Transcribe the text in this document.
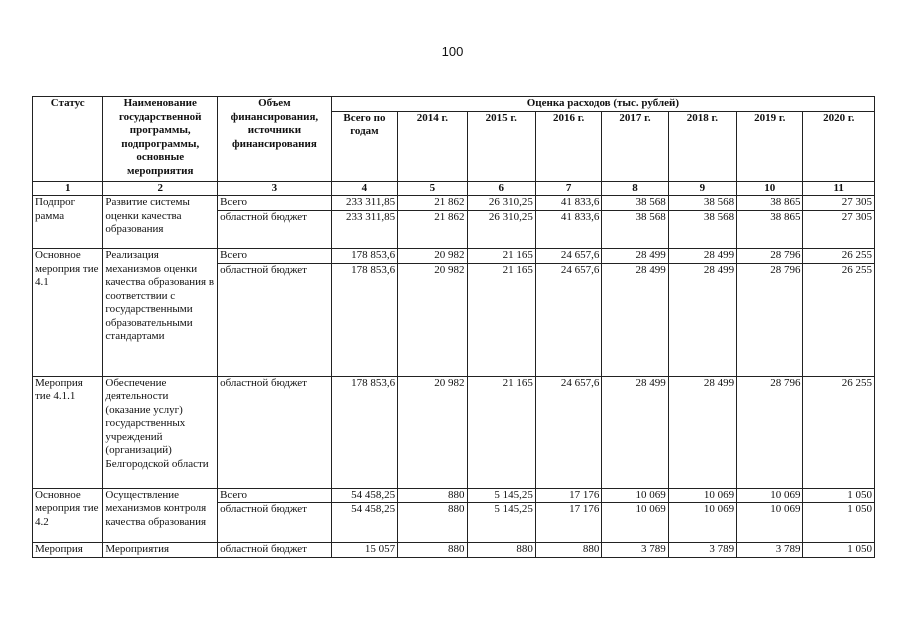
100
Статус	Наименование государственной программы, подпрограммы, основные мероприятия	Объем финансирования, источники финансирования	Оценка расходов (тыс. рублей)							
			Всего по годам	2014 г.	2015 г.	2016 г.	2017 г.	2018 г.	2019 г.	2020 г.
1	2	3	4	5	6	7	8	9	10	11
Подпрог рамма	Развитие системы оценки качества образования	Всего	233 311,85	21 862	26 310,25	41 833,6	38 568	38 568	38 865	27 305
		областной бюджет	233 311,85	21 862	26 310,25	41 833,6	38 568	38 568	38 865	27 305
Основное мероприя тие 4.1	Реализация механизмов оценки качества образования в соответствии с государственными образовательными стандартами	Всего	178 853,6	20 982	21 165	24 657,6	28 499	28 499	28 796	26 255
		областной бюджет	178 853,6	20 982	21 165	24 657,6	28 499	28 499	28 796	26 255
Мероприя тие 4.1.1	Обеспечение деятельности (оказание услуг) государственных учреждений (организаций) Белгородской области	областной бюджет	178 853,6	20 982	21 165	24 657,6	28 499	28 499	28 796	26 255
Основное мероприя тие 4.2	Осуществление механизмов контроля качества образования	Всего	54 458,25	880	5 145,25	17 176	10 069	10 069	10 069	1 050
		областной бюджет	54 458,25	880	5 145,25	17 176	10 069	10 069	10 069	1 050
Мероприя	Мероприятия	областной бюджет	15 057	880	880	880	3 789	3 789	3 789	1 050
